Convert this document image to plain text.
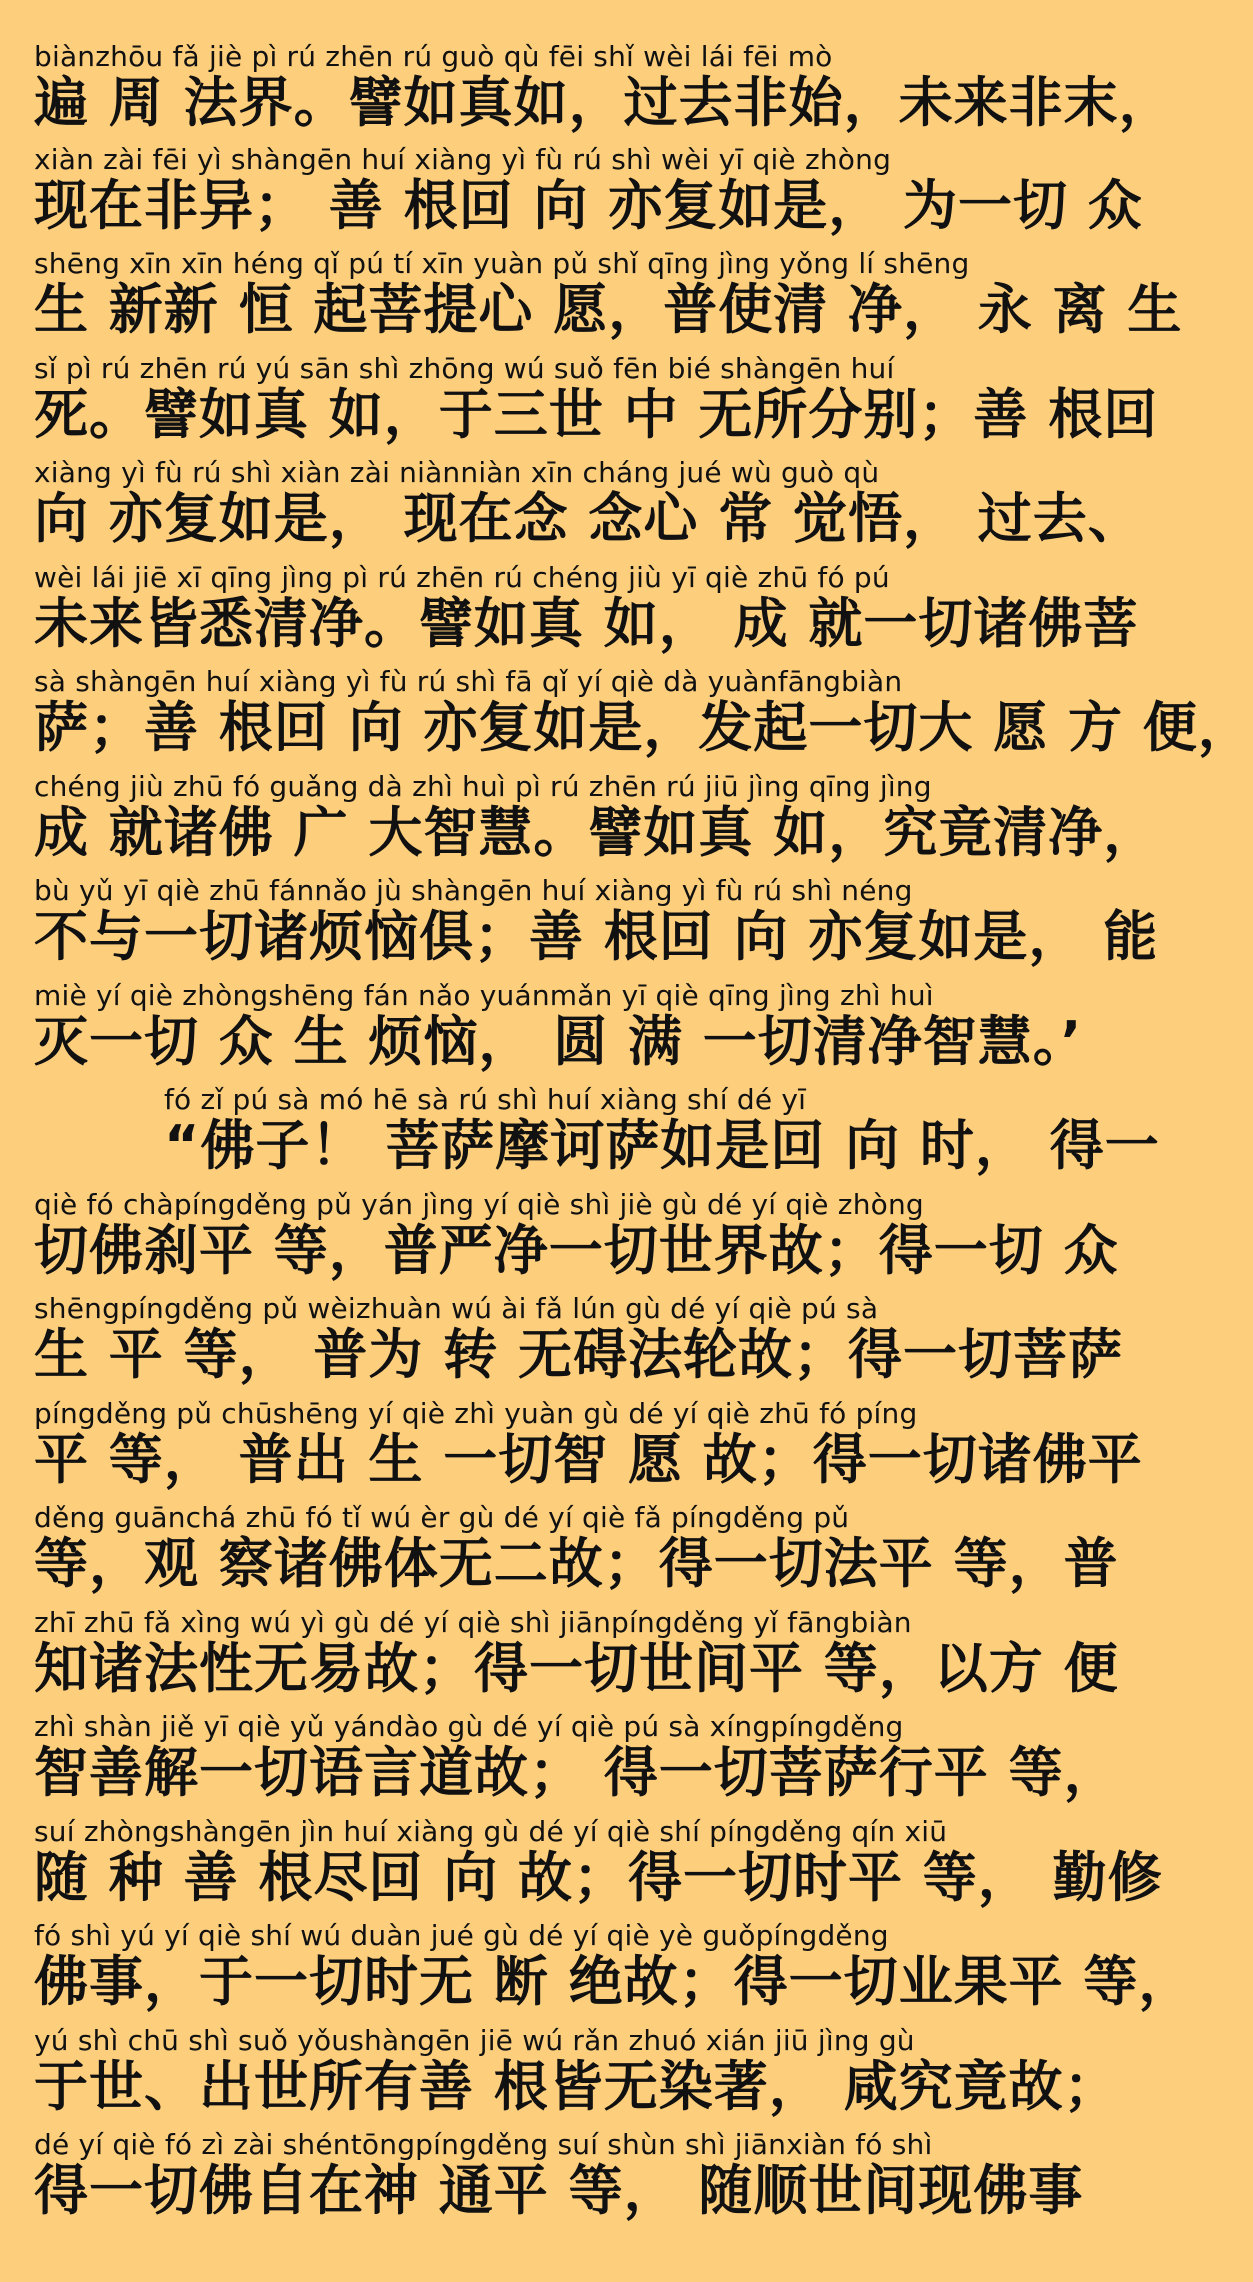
biànzhōu fǎ jiè pì rú zhēn rú guò qù fēi shǐ wèi lái fēi mò
遍 周 法界。譬如真如，过去非始，未来非末，
xiàn zài fēi yì shàngēn huí xiàng yì fù rú shì wèi yī qiè zhòng
现在非异； 善 根回 向 亦复如是， 为一切 众
shēng xīn xīn héng qǐ pú tí xīn yuàn pǔ shǐ qīng jìng yǒng lí shēng
生 新新 恒 起菩提心 愿，普使清 净， 永 离 生
sǐ pì rú zhēn rú yú sān shì zhōng wú suǒ fēn bié shàngēn huí
死。譬如真 如，于三世 中 无所分别；善 根回
xiàng yì fù rú shì xiàn zài niànniàn xīn cháng jué wù guò qù
向 亦复如是， 现在念 念心 常 觉悟， 过去、
wèi lái jiē xī qīng jìng pì rú zhēn rú chéng jiù yī qiè zhū fó pú
未来皆悉清净。譬如真 如， 成 就一切诸佛菩
sà shàngēn huí xiàng yì fù rú shì fā qǐ yí qiè dà yuànfāngbiàn
萨；善 根回 向 亦复如是，发起一切大 愿 方 便，
chéng jiù zhū fó guǎng dà zhì huì pì rú zhēn rú jiū jìng qīng jìng
成 就诸佛 广 大智慧。譬如真 如，究竟清净，
bù yǔ yī qiè zhū fánnǎo jù shàngēn huí xiàng yì fù rú shì néng
不与一切诸烦恼俱；善 根回 向 亦复如是， 能
miè yí qiè zhòngshēng fán nǎo yuánmǎn yī qiè qīng jìng zhì huì
灭一切 众 生 烦恼， 圆 满 一切清净智慧。’
fó zǐ pú sà mó hē sà rú shì huí xiàng shí dé yī
“佛子！ 菩萨摩诃萨如是回 向 时， 得一
qiè fó chàpíngděng pǔ yán jìng yí qiè shì jiè gù dé yí qiè zhòng
切佛刹平 等，普严净一切世界故；得一切 众
shēngpíngděng pǔ wèizhuàn wú ài fǎ lún gù dé yí qiè pú sà
生 平 等， 普为 转 无碍法轮故；得一切菩萨
píngděng pǔ chūshēng yí qiè zhì yuàn gù dé yí qiè zhū fó píng
平 等， 普出 生 一切智 愿 故；得一切诸佛平
děng guānchá zhū fó tǐ wú èr gù dé yí qiè fǎ píngděng pǔ
等，观 察诸佛体无二故；得一切法平 等，普
zhī zhū fǎ xìng wú yì gù dé yí qiè shì jiānpíngděng yǐ fāngbiàn
知诸法性无易故；得一切世间平 等，以方 便
zhì shàn jiě yī qiè yǔ yándào gù dé yí qiè pú sà xíngpíngděng
智善解一切语言道故； 得一切菩萨行平 等，
suí zhòngshàngēn jìn huí xiàng gù dé yí qiè shí píngděng qín xiū
随 种 善 根尽回 向 故；得一切时平 等， 勤修
fó shì yú yí qiè shí wú duàn jué gù dé yí qiè yè guǒpíngděng
佛事，于一切时无 断 绝故；得一切业果平 等，
yú shì chū shì suǒ yǒushàngēn jiē wú rǎn zhuó xián jiū jìng gù
于世、出世所有善 根皆无染著， 咸究竟故；
dé yí qiè fó zì zài shéntōngpíngděng suí shùn shì jiānxiàn fó shì
得一切佛自在神 通平 等， 随顺世间现佛事
